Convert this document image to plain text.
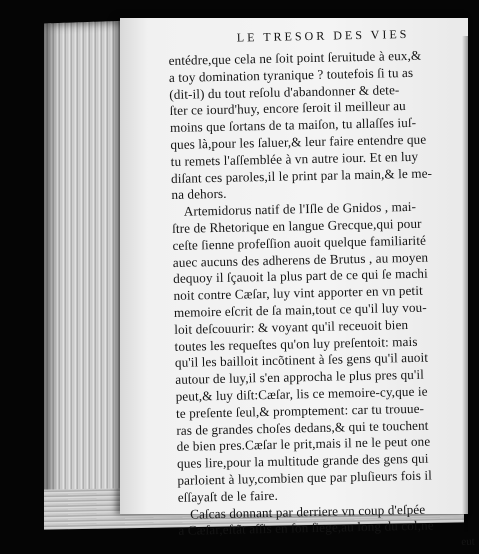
LE TRESOR DES VIES
entédre,que cela ne ſoit point ſeruitude à eux,&
a toy domination tyranique ? toutefois ſi tu as
(dit-il) du tout reſolu d'abandonner & dete-
ſter ce iourd'huy, encore ſeroit il meilleur au
moins que ſortans de ta maiſon, tu allaſſes iuſ-
ques là,pour les ſaluer,& leur faire entendre que
tu remets l'aſſemblée à vn autre iour. Et en luy
diſant ces paroles,il le print par la main,& le me-
na dehors.
Artemidorus natif de l'Iſle de Gnidos , mai-
ſtre de Rhetorique en langue Grecque,qui pour
ceſte ſienne profeſſion auoit quelque familiarité
auec aucuns des adherens de Brutus , au moyen
dequoy il ſçauoit la plus part de ce qui ſe machi
noit contre Cæſar, luy vint apporter en vn petit
memoire eſcrit de ſa main,tout ce qu'il luy vou-
loit deſcouurir: & voyant qu'il receuoit bien
toutes les requeſtes qu'on luy preſentoit: mais
qu'il les bailloit incõtinent à ſes gens qu'il auoit
autour de luy,il s'en approcha le plus pres qu'il
peut,& luy diſt:Cæſar, lis ce memoire-cy,que ie
te preſente ſeul,& promptement: car tu trouue-
ras de grandes choſes dedans,& qui te touchent
de bien pres.Cæſar le prit,mais il ne le peut one
ques lire,pour la multitude grande des gens qui
parloient à luy,combien que par pluſieurs fois il
eſſayaſt de le faire.
Caſcas donnant par derriere vn coup d'eſpée
a Cæſar,eſtãt aſſis en ſon ſiege,au long du col,ne
eut
